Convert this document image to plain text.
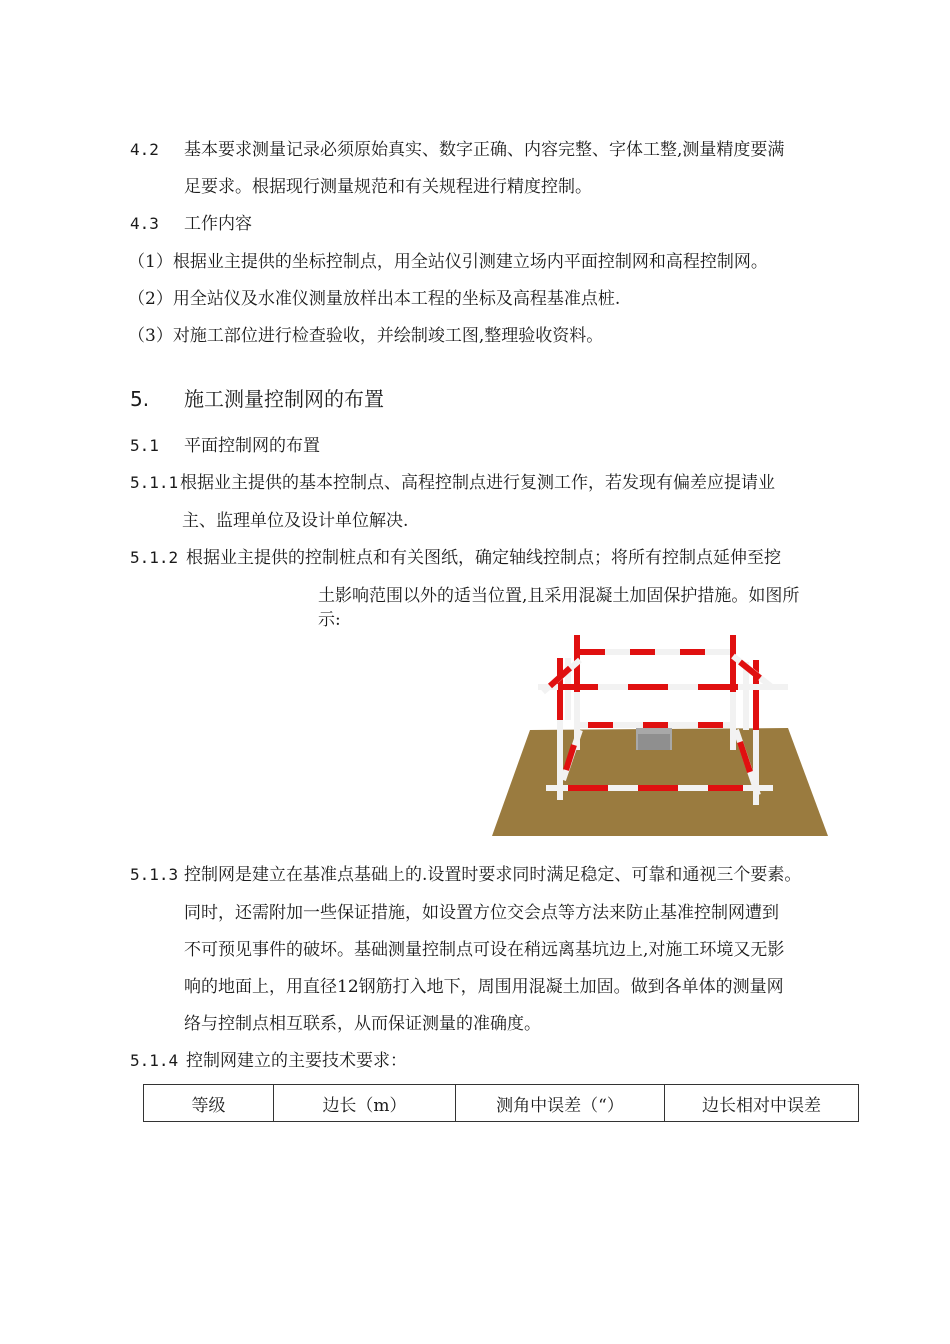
4.2 基本要求测量记录必须原始真实、数字正确、内容完整、字体工整,测量精度要满
足要求。根据现行测量规范和有关规程进行精度控制。
4.3 工作内容
（1）根据业主提供的坐标控制点，用全站仪引测建立场内平面控制网和高程控制网。
（2）用全站仪及水准仪测量放样出本工程的坐标及高程基准点桩.
（3）对施工部位进行检查验收，并绘制竣工图,整理验收资料。
5. 施工测量控制网的布置
5.1 平面控制网的布置
5.1.1 根据业主提供的基本控制点、高程控制点进行复测工作，若发现有偏差应提请业
主、监理单位及设计单位解决.
5.1.2 根据业主提供的控制桩点和有关图纸，确定轴线控制点；将所有控制点延伸至挖
土影响范围以外的适当位置,且采用混凝土加固保护措施。如图所
示:
5.1.3 控制网是建立在基准点基础上的.设置时要求同时满足稳定、可靠和通视三个要素。
同时，还需附加一些保证措施，如设置方位交会点等方法来防止基准控制网遭到
不可预见事件的破坏。基础测量控制点可设在稍远离基坑边上,对施工环境又无影
响的地面上，用直径12钢筋打入地下，周围用混凝土加固。做到各单体的测量网
络与控制点相互联系，从而保证测量的准确度。
5.1.4 控制网建立的主要技术要求：
等级	边长（m）	测角中误差（“）	边长相对中误差
